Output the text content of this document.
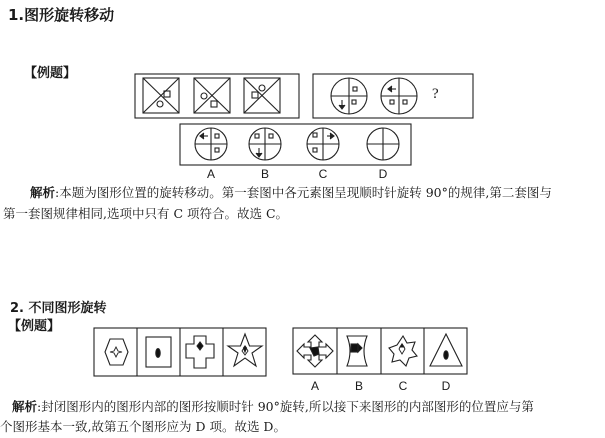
1.图形旋转移动
【例题】
?
A	B	C	D
解析:本题为图形位置的旋转移动。第一套图中各元素图呈现顺时针旋转 90°的规律,第二套图与
第一套图规律相同,选项中只有 C 项符合。故选 C。
2. 不同图形旋转
【例题】
A	B	C	D
解析:封闭图形内的图形内部的图形按顺时针 90°旋转,所以接下来图形的内部图形的位置应与第
个图形基本一致,故第五个图形应为 D 项。故选 D。
